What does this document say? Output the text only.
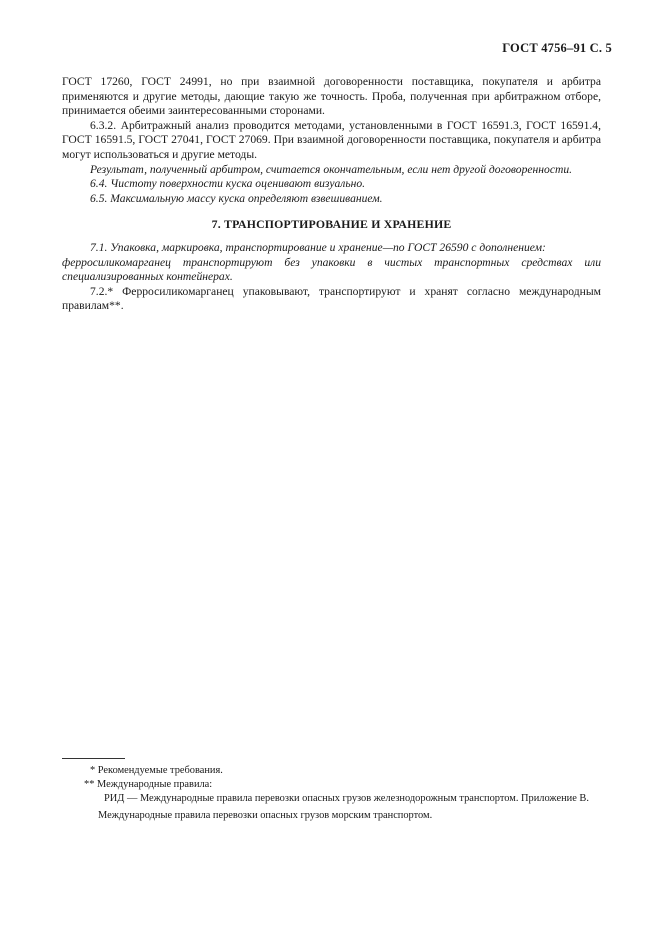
ГОСТ 4756–91 С. 5

ГОСТ 17260, ГОСТ 24991, но при взаимной договоренности поставщика, покупателя и арбитра применяются и другие методы, дающие такую же точность. Проба, полученная при арбитражном отборе, принимается обеими заинтересованными сторонами.

6.3.2. Арбитражный анализ проводится методами, установленными в ГОСТ 16591.3, ГОСТ 16591.4, ГОСТ 16591.5, ГОСТ 27041, ГОСТ 27069. При взаимной договоренности поставщика, покупателя и арбитра могут использоваться и другие методы.

Результат, полученный арбитром, считается окончательным, если нет другой договоренности.

6.4. Чистоту поверхности куска оценивают визуально.

6.5. Максимальную массу куска определяют взвешиванием.

7. ТРАНСПОРТИРОВАНИЕ И ХРАНЕНИЕ

7.1. Упаковка, маркировка, транспортирование и хранение—по ГОСТ 26590 с дополнением:

ферросиликомарганец транспортируют без упаковки в чистых транспортных средствах или специализированных контейнерах.

7.2.* Ферросиликомарганец упаковывают, транспортируют и хранят согласно международным правилам**.

* Рекомендуемые требования.

** Международные правила:

РИД — Международные правила перевозки опасных грузов железнодорожным транспортом. Приложение В.

Международные правила перевозки опасных грузов морским транспортом.
